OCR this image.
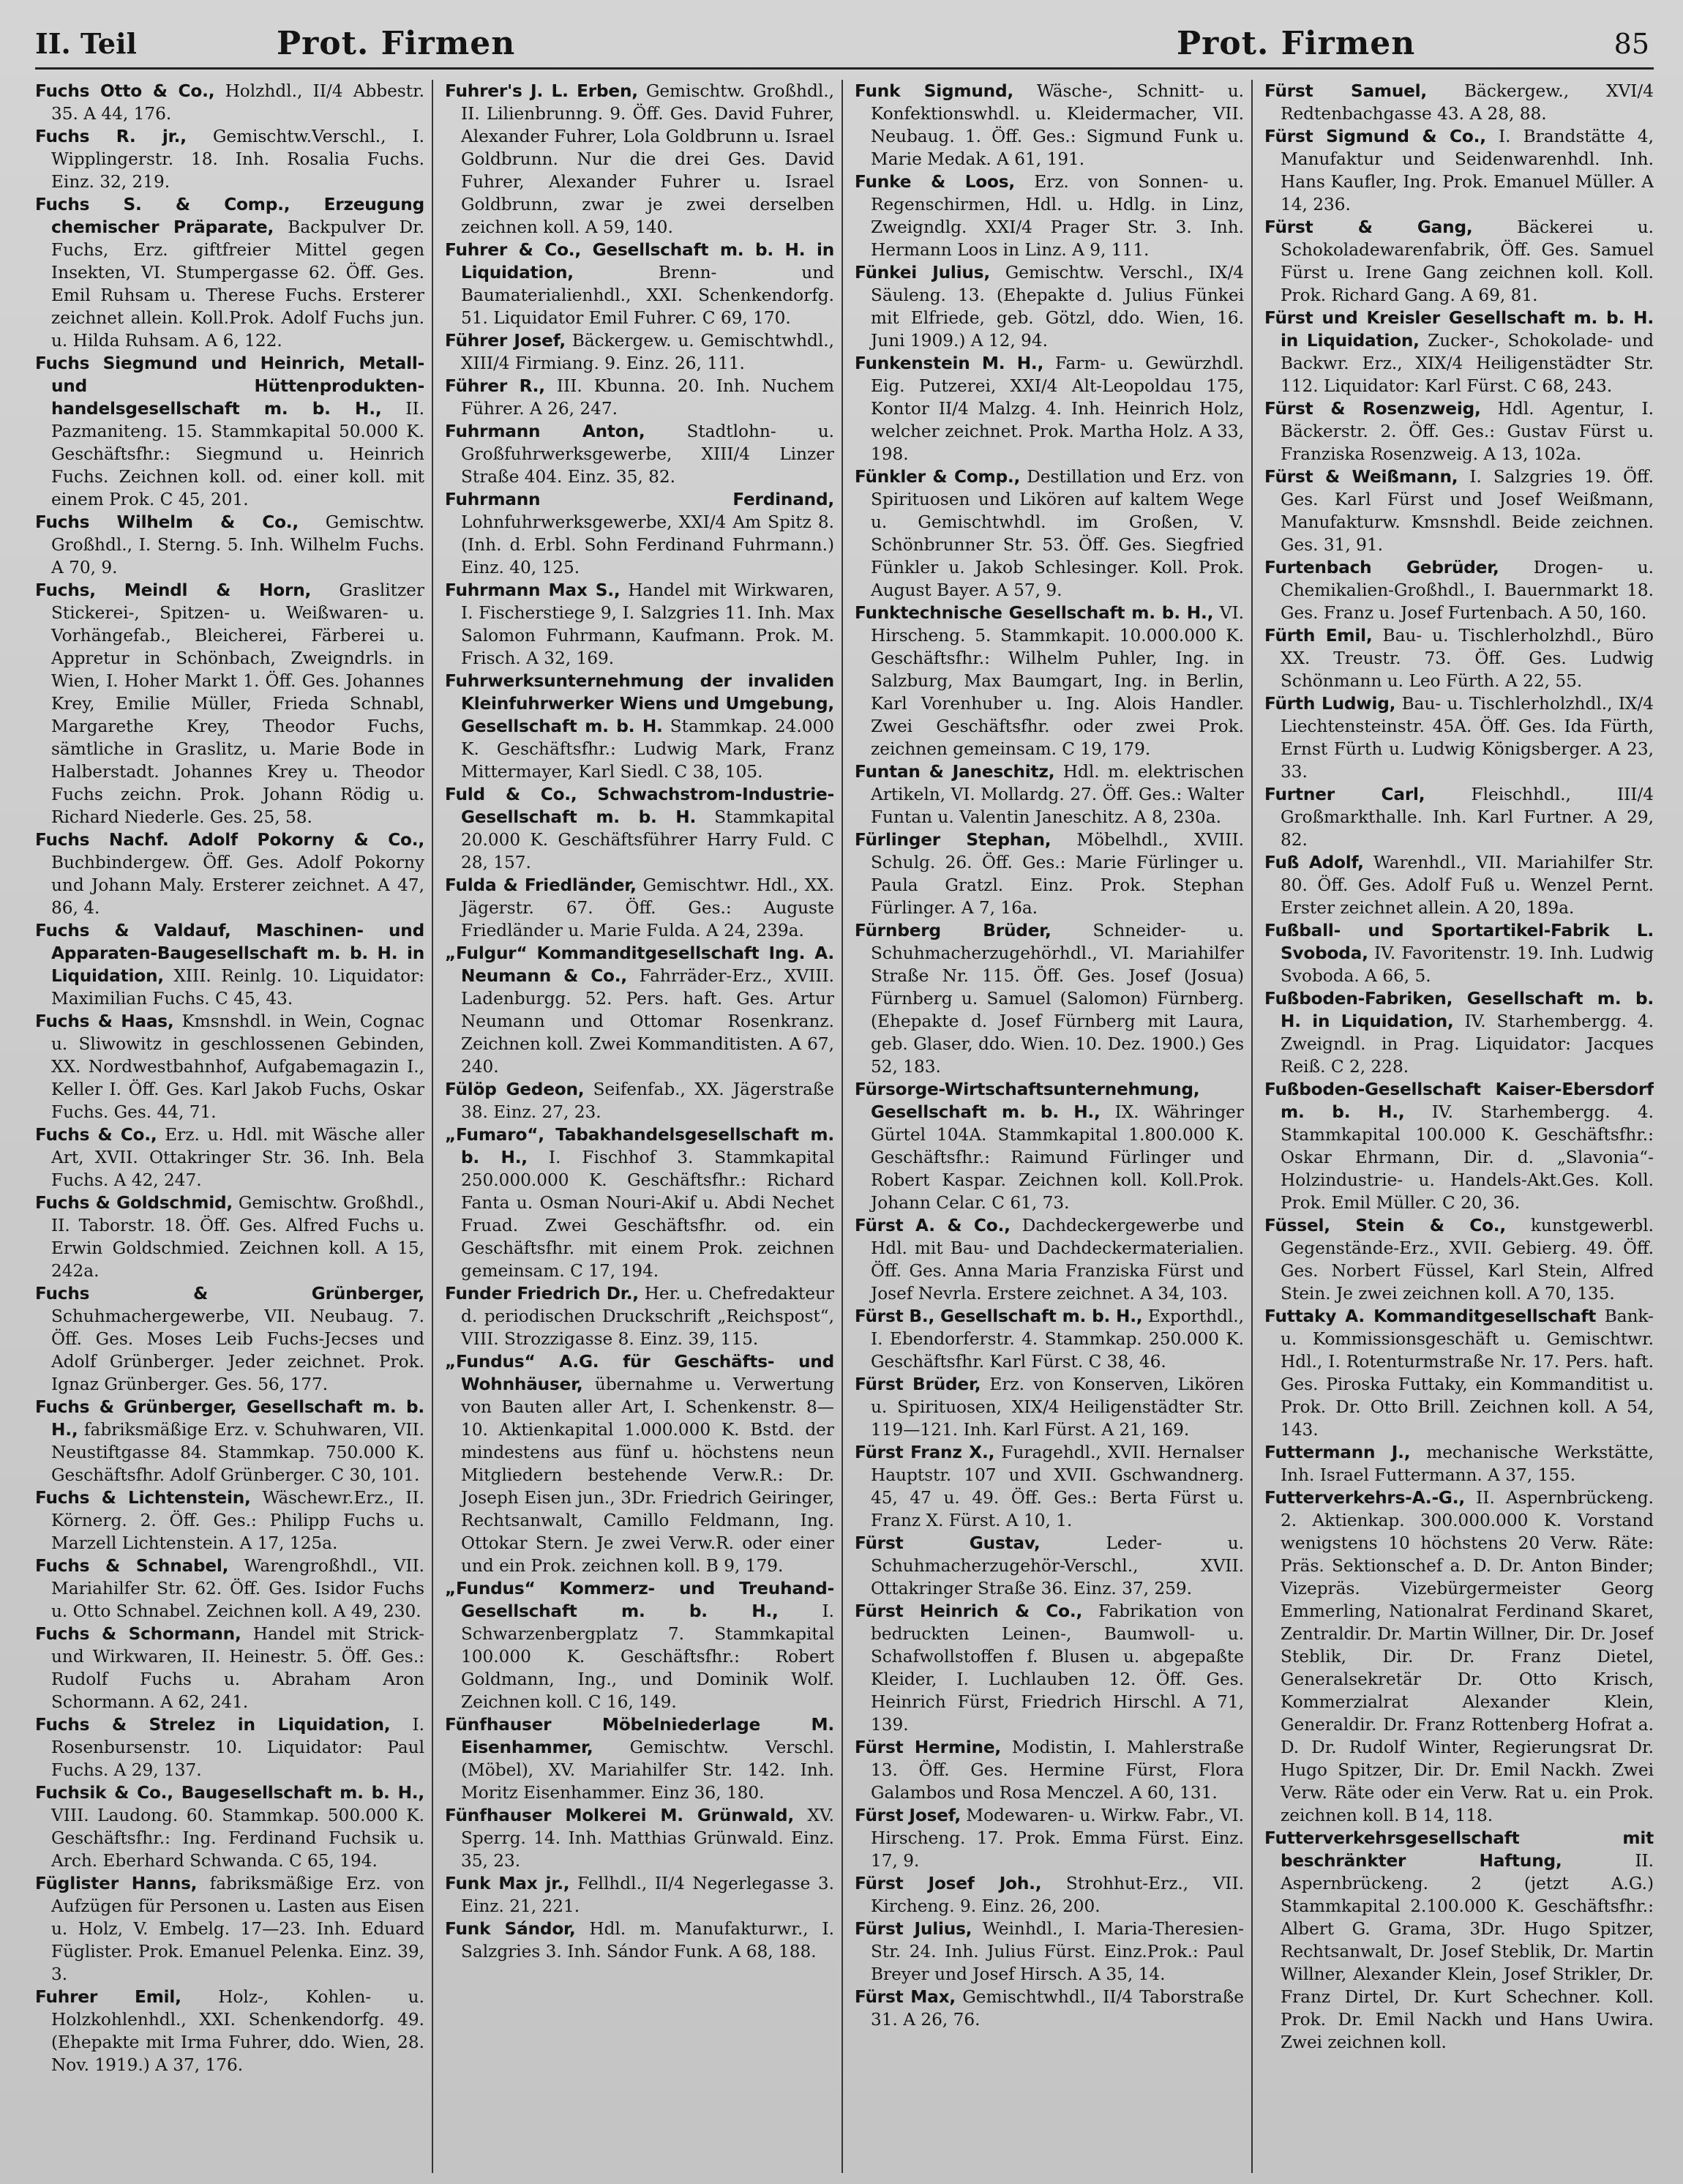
II. Teil	Prot. Firmen	Prot. Firmen	85

Fuchs Otto & Co., Holzhdl., II/4 Abbestr. 35. A 44, 176.

Fuchs R. jr., Gemischtw.Verschl., I. Wipplingerstr. 18. Inh. Rosalia Fuchs. Einz. 32, 219.

Fuchs S. & Comp., Erzeugung chemischer Präparate, Backpulver Dr. Fuchs, Erz. giftfreier Mittel gegen Insekten, VI. Stumpergasse 62. Öff. Ges. Emil Ruhsam u. Therese Fuchs. Ersterer zeichnet allein. Koll.Prok. Adolf Fuchs jun. u. Hilda Ruhsam. A 6, 122.

Fuchs Siegmund und Heinrich, Metall- und Hüttenprodukten-handelsgesellschaft m. b. H., II. Pazmaniteng. 15. Stammkapital 50.000 K. Geschäftsfhr.: Siegmund u. Heinrich Fuchs. Zeichnen koll. od. einer koll. mit einem Prok. C 45, 201.

Fuchs Wilhelm & Co., Gemischtw. Großhdl., I. Sterng. 5. Inh. Wilhelm Fuchs. A 70, 9.

Fuchs, Meindl & Horn, Graslitzer Stickerei-, Spitzen- u. Weißwaren- u. Vorhängefab., Bleicherei, Färberei u. Appretur in Schönbach, Zweigndrls. in Wien, I. Hoher Markt 1. Öff. Ges. Johannes Krey, Emilie Müller, Frieda Schnabl, Margarethe Krey, Theodor Fuchs, sämtliche in Graslitz, u. Marie Bode in Halberstadt. Johannes Krey u. Theodor Fuchs zeichn. Prok. Johann Rödig u. Richard Niederle. Ges. 25, 58.

Fuchs Nachf. Adolf Pokorny & Co., Buchbindergew. Öff. Ges. Adolf Pokorny und Johann Maly. Ersterer zeichnet. A 47, 86, 4.

Fuchs & Valdauf, Maschinen- und Apparaten-Baugesellschaft m. b. H. in Liquidation, XIII. Reinlg. 10. Liquidator: Maximilian Fuchs. C 45, 43.

Fuchs & Haas, Kmsnshdl. in Wein, Cognac u. Sliwowitz in geschlossenen Gebinden, XX. Nordwestbahnhof, Aufgabemagazin I., Keller I. Öff. Ges. Karl Jakob Fuchs, Oskar Fuchs. Ges. 44, 71.

Fuchs & Co., Erz. u. Hdl. mit Wäsche aller Art, XVII. Ottakringer Str. 36. Inh. Bela Fuchs. A 42, 247.

Fuchs & Goldschmid, Gemischtw. Großhdl., II. Taborstr. 18. Öff. Ges. Alfred Fuchs u. Erwin Goldschmied. Zeichnen koll. A 15, 242a.

Fuchs & Grünberger, Schuhmachergewerbe, VII. Neubaug. 7. Öff. Ges. Moses Leib Fuchs-Jecses und Adolf Grünberger. Jeder zeichnet. Prok. Ignaz Grünberger. Ges. 56, 177.

Fuchs & Grünberger, Gesellschaft m. b. H., fabriksmäßige Erz. v. Schuhwaren, VII. Neustiftgasse 84. Stammkap. 750.000 K. Geschäftsfhr. Adolf Grünberger. C 30, 101.

Fuchs & Lichtenstein, Wäschewr.Erz., II. Körnerg. 2. Öff. Ges.: Philipp Fuchs u. Marzell Lichtenstein. A 17, 125a.

Fuchs & Schnabel, Warengroßhdl., VII. Mariahilfer Str. 62. Öff. Ges. Isidor Fuchs u. Otto Schnabel. Zeichnen koll. A 49, 230.

Fuchs & Schormann, Handel mit Strick- und Wirkwaren, II. Heinestr. 5. Öff. Ges.: Rudolf Fuchs u. Abraham Aron Schormann. A 62, 241.

Fuchs & Strelez in Liquidation, I. Rosenbursenstr. 10. Liquidator: Paul Fuchs. A 29, 137.

Fuchsik & Co., Baugesellschaft m. b. H., VIII. Laudong. 60. Stammkap. 500.000 K. Geschäftsfhr.: Ing. Ferdinand Fuchsik u. Arch. Eberhard Schwanda. C 65, 194.

Füglister Hanns, fabriksmäßige Erz. von Aufzügen für Personen u. Lasten aus Eisen u. Holz, V. Embelg. 17—23. Inh. Eduard Füglister. Prok. Emanuel Pelenka. Einz. 39, 3.

Fuhrer Emil, Holz-, Kohlen- u. Holzkohlenhdl., XXI. Schenkendorfg. 49. (Ehepakte mit Irma Fuhrer, ddo. Wien, 28. Nov. 1919.) A 37, 176.

Fuhrer's J. L. Erben, Gemischtw. Großhdl., II. Lilienbrunng. 9. Öff. Ges. David Fuhrer, Alexander Fuhrer, Lola Goldbrunn u. Israel Goldbrunn. Nur die drei Ges. David Fuhrer, Alexander Fuhrer u. Israel Goldbrunn, zwar je zwei derselben zeichnen koll. A 59, 140.

Fuhrer & Co., Gesellschaft m. b. H. in Liquidation,	Brenn- und Baumaterialienhdl., XXI. Schenkendorfg. 51. Liquidator Emil Fuhrer. C 69, 170.

Führer Josef, Bäckergew. u. Gemischtwhdl., XIII/4 Firmiang. 9. Einz. 26, 111.

Führer R., III. Kbunna. 20. Inh. Nuchem Führer. A 26, 247.

Fuhrmann Anton, Stadtlohn- u. Großfuhrwerksgewerbe, XIII/4 Linzer Straße 404. Einz. 35, 82.

Fuhrmann Ferdinand, Lohnfuhrwerksgewerbe, XXI/4 Am Spitz 8. (Inh. d. Erbl. Sohn Ferdinand Fuhrmann.) Einz. 40, 125.

Fuhrmann Max S., Handel mit Wirkwaren, I. Fischerstiege 9, I. Salzgries 11. Inh. Max Salomon Fuhrmann, Kaufmann. Prok. M. Frisch. A 32, 169.

Fuhrwerksunternehmung der invaliden Kleinfuhrwerker Wiens und Umgebung, Gesellschaft m. b. H. Stammkap. 24.000 K. Geschäftsfhr.: Ludwig Mark, Franz Mittermayer, Karl Siedl. C 38, 105.

Fuld & Co., Schwachstrom-Industrie-Gesellschaft m. b. H. Stammkapital 20.000 K. Geschäftsführer Harry Fuld. C 28, 157.

Fulda & Friedländer, Gemischtwr. Hdl., XX. Jägerstr. 67. Öff. Ges.: Auguste Friedländer u. Marie Fulda. A 24, 239a.

„Fulgur“ Kommanditgesellschaft Ing. A. Neumann & Co., Fahrräder-Erz., XVIII. Ladenburgg. 52. Pers. haft. Ges. Artur Neumann und Ottomar Rosenkranz. Zeichnen koll. Zwei Kommanditisten. A 67, 240.

Fülöp Gedeon, Seifenfab., XX. Jägerstraße 38. Einz. 27, 23.

„Fumaro“, Tabakhandelsgesellschaft m. b. H., I. Fischhof 3. Stammkapital 250.000.000 K. Geschäftsfhr.: Richard Fanta u. Osman Nouri-Akif u. Abdi Nechet Fruad. Zwei Geschäftsfhr. od. ein Geschäftsfhr. mit einem Prok. zeichnen gemeinsam. C 17, 194.

Funder Friedrich Dr., Her. u. Chefredakteur d. periodischen Druckschrift „Reichspost“, VIII. Strozzigasse 8. Einz. 39, 115.

„Fundus“ A.G. für Geschäfts- und Wohnhäuser, übernahme u. Verwertung von Bauten aller Art, I. Schenkenstr. 8—10. Aktienkapital 1.000.000 K. Bstd. der mindestens aus fünf u. höchstens neun Mitgliedern bestehende Verw.R.: Dr. Joseph Eisen jun., 3Dr. Friedrich Geiringer, Rechtsanwalt, Camillo Feldmann, Ing. Ottokar Stern. Je zwei Verw.R. oder einer und ein Prok. zeichnen koll. B 9, 179.

„Fundus“ Kommerz- und Treuhand-Gesellschaft m. b. H.,	I. Schwarzenbergplatz 7. Stammkapital 100.000 K. Geschäftsfhr.: Robert Goldmann, Ing., und Dominik Wolf. Zeichnen koll. C 16, 149.

Fünfhauser Möbelniederlage M. Eisenhammer, Gemischtw. Verschl. (Möbel), XV. Mariahilfer Str. 142. Inh. Moritz Eisenhammer. Einz 36, 180.

Fünfhauser Molkerei M. Grünwald, XV. Sperrg. 14. Inh. Matthias Grünwald. Einz. 35, 23.

Funk Max jr., Fellhdl., II/4 Negerlegasse 3. Einz. 21, 221.

Funk Sándor, Hdl. m. Manufakturwr., I. Salzgries 3. Inh. Sándor Funk. A 68, 188.

Funk Sigmund, Wäsche-, Schnitt- u. Konfektionswhdl. u. Kleidermacher, VII. Neubaug. 1. Öff. Ges.: Sigmund Funk u. Marie Medak. A 61, 191.

Funke & Loos, Erz. von Sonnen- u. Regenschirmen, Hdl. u. Hdlg. in Linz, Zweigndlg. XXI/4 Prager Str. 3. Inh. Hermann Loos in Linz. A 9, 111.

Fünkei Julius, Gemischtw. Verschl., IX/4 Säuleng. 13. (Ehepakte d. Julius Fünkei mit Elfriede, geb. Götzl, ddo. Wien, 16. Juni 1909.) A 12, 94.

Funkenstein M. H., Farm- u. Gewürzhdl. Eig. Putzerei, XXI/4 Alt-Leopoldau 175, Kontor II/4 Malzg. 4. Inh. Heinrich Holz, welcher zeichnet. Prok. Martha Holz. A 33, 198.

Fünkler & Comp., Destillation und Erz. von Spirituosen und Likören auf kaltem Wege u. Gemischtwhdl. im Großen, V. Schönbrunner Str. 53. Öff. Ges. Siegfried Fünkler u. Jakob Schlesinger. Koll. Prok. August Bayer. A 57, 9.

Funktechnische Gesellschaft m. b. H., VI. Hirscheng. 5. Stammkapit. 10.000.000 K. Geschäftsfhr.: Wilhelm Puhler, Ing. in Salzburg, Max Baumgart, Ing. in Berlin, Karl Vorenhuber u. Ing. Alois Handler. Zwei Geschäftsfhr. oder zwei Prok. zeichnen gemeinsam. C 19, 179.

Funtan & Janeschitz, Hdl. m. elektrischen Artikeln, VI. Mollardg. 27. Öff. Ges.: Walter Funtan u. Valentin Janeschitz. A 8, 230a.

Fürlinger Stephan, Möbelhdl., XVIII. Schulg. 26. Öff. Ges.: Marie Fürlinger u. Paula Gratzl. Einz. Prok. Stephan Fürlinger. A 7, 16a.

Fürnberg Brüder, Schneider- u. Schuhmacherzugehörhdl., VI. Mariahilfer Straße Nr. 115. Öff. Ges. Josef (Josua) Fürnberg u. Samuel (Salomon) Fürnberg. (Ehepakte d. Josef Fürnberg mit Laura, geb. Glaser, ddo. Wien. 10. Dez. 1900.) Ges 52, 183.

Fürsorge-Wirtschaftsunternehmung, Gesellschaft m. b. H., IX. Währinger Gürtel 104A. Stammkapital 1.800.000 K. Geschäftsfhr.: Raimund Fürlinger und Robert Kaspar. Zeichnen koll. Koll.Prok. Johann Celar. C 61, 73.

Fürst A. & Co., Dachdeckergewerbe und Hdl. mit Bau- und Dachdeckermaterialien. Öff. Ges. Anna Maria Franziska Fürst und Josef Nevrla. Erstere zeichnet. A 34, 103.

Fürst B., Gesellschaft m. b. H., Exporthdl., I. Ebendorferstr. 4. Stammkap. 250.000 K. Geschäftsfhr. Karl Fürst. C 38, 46.

Fürst Brüder, Erz. von Konserven, Likören u. Spirituosen, XIX/4 Heiligenstädter Str. 119—121. Inh. Karl Fürst. A 21, 169.

Fürst Franz X., Furagehdl., XVII. Hernalser Hauptstr. 107 und XVII. Gschwandnerg. 45, 47 u. 49. Öff. Ges.: Berta Fürst u. Franz X. Fürst. A 10, 1.

Fürst Gustav,	Leder- u. Schuhmacherzugehör-Verschl., XVII. Ottakringer Straße 36. Einz. 37, 259.

Fürst Heinrich & Co., Fabrikation von bedruckten Leinen-, Baumwoll- u. Schafwollstoffen f. Blusen u. abgepaßte Kleider, I. Luchlauben 12. Öff. Ges. Heinrich Fürst, Friedrich Hirschl. A 71, 139.

Fürst Hermine, Modistin, I. Mahlerstraße 13. Öff. Ges. Hermine Fürst, Flora Galambos und Rosa Menczel. A 60, 131.

Fürst Josef, Modewaren- u. Wirkw. Fabr., VI. Hirscheng. 17. Prok. Emma Fürst. Einz. 17, 9.

Fürst Josef Joh., Strohhut-Erz., VII. Kircheng. 9. Einz. 26, 200.

Fürst Julius, Weinhdl., I. Maria-Theresien-Str. 24. Inh. Julius Fürst. Einz.Prok.: Paul Breyer und Josef Hirsch. A 35, 14.

Fürst Max, Gemischtwhdl., II/4 Taborstraße 31. A 26, 76.

Fürst Samuel, Bäckergew., XVI/4 Redtenbachgasse 43. A 28, 88.

Fürst Sigmund & Co., I. Brandstätte 4, Manufaktur und Seidenwarenhdl. Inh. Hans Kaufler, Ing. Prok. Emanuel Müller. A 14, 236.

Fürst & Gang,	Bäckerei u. Schokoladewarenfabrik, Öff. Ges. Samuel Fürst u. Irene Gang zeichnen koll. Koll. Prok. Richard Gang. A 69, 81.

Fürst und Kreisler Gesellschaft m. b. H. in Liquidation, Zucker-, Schokolade- und Backwr. Erz., XIX/4 Heiligenstädter Str. 112. Liquidator: Karl Fürst. C 68, 243.

Fürst & Rosenzweig, Hdl. Agentur, I. Bäckerstr. 2. Öff. Ges.: Gustav Fürst u. Franziska Rosenzweig. A 13, 102a.

Fürst & Weißmann, I. Salzgries 19. Öff. Ges. Karl Fürst und Josef Weißmann, Manufakturw. Kmsnshdl. Beide zeichnen. Ges. 31, 91.

Furtenbach Gebrüder, Drogen- u. Chemikalien-Großhdl., I. Bauernmarkt 18. Ges. Franz u. Josef Furtenbach. A 50, 160.

Fürth Emil, Bau- u. Tischlerholzhdl., Büro XX. Treustr. 73. Öff. Ges. Ludwig Schönmann u. Leo Fürth. A 22, 55.

Fürth Ludwig, Bau- u. Tischlerholzhdl., IX/4 Liechtensteinstr. 45A. Öff. Ges. Ida Fürth, Ernst Fürth u. Ludwig Königsberger. A 23, 33.

Furtner Carl,	Fleischhdl., III/4 Großmarkthalle. Inh. Karl Furtner. A 29, 82.

Fuß Adolf, Warenhdl., VII. Mariahilfer Str. 80. Öff. Ges. Adolf Fuß u. Wenzel Pernt. Erster zeichnet allein. A 20, 189a.

Fußball- und Sportartikel-Fabrik L. Svoboda, IV. Favoritenstr. 19. Inh. Ludwig Svoboda. A 66, 5.

Fußboden-Fabriken, Gesellschaft m. b. H. in Liquidation, IV. Starhembergg. 4. Zweigndl. in Prag. Liquidator: Jacques Reiß. C 2, 228.

Fußboden-Gesellschaft Kaiser-Ebersdorf m. b. H., IV. Starhembergg. 4. Stammkapital 100.000 K. Geschäftsfhr.: Oskar Ehrmann, Dir. d. „Slavonia“-Holzindustrie- u. Handels-Akt.Ges. Koll. Prok. Emil Müller. C 20, 36.

Füssel, Stein & Co., kunstgewerbl. Gegenstände-Erz., XVII. Gebierg. 49. Öff. Ges. Norbert Füssel, Karl Stein, Alfred Stein. Je zwei zeichnen koll. A 70, 135.

Futtaky A. Kommanditgesellschaft Bank- u. Kommissionsgeschäft u. Gemischtwr. Hdl., I. Rotenturmstraße Nr. 17. Pers. haft. Ges. Piroska Futtaky, ein Kommanditist u. Prok. Dr. Otto Brill. Zeichnen koll. A 54, 143.

Futtermann J., mechanische Werkstätte, Inh. Israel Futtermann. A 37, 155.

Futterverkehrs-A.-G., II. Aspernbrückeng. 2. Aktienkap. 300.000.000 K. Vorstand wenigstens 10 höchstens 20 Verw. Räte: Präs. Sektionschef a. D. Dr. Anton Binder; Vizepräs. Vizebürgermeister Georg Emmerling, Nationalrat Ferdinand Skaret, Zentraldir. Dr. Martin Willner, Dir. Dr. Josef Steblik, Dir. Dr. Franz Dietel, Generalsekretär Dr. Otto Krisch, Kommerzialrat Alexander Klein, Generaldir. Dr. Franz Rottenberg Hofrat a. D. Dr. Rudolf Winter, Regierungsrat Dr. Hugo Spitzer, Dir. Dr. Emil Nackh. Zwei Verw. Räte oder ein Verw. Rat u. ein Prok. zeichnen koll. B 14, 118.

Futterverkehrsgesellschaft mit beschränkter Haftung,	II. Aspernbrückeng. 2 (jetzt A.G.) Stammkapital 2.100.000 K. Geschäftsfhr.: Albert G. Grama, 3Dr. Hugo Spitzer, Rechtsanwalt, Dr. Josef Steblik, Dr. Martin Willner, Alexander Klein, Josef Strikler, Dr. Franz Dirtel, Dr. Kurt Schechner. Koll. Prok. Dr. Emil Nackh und Hans Uwira. Zwei zeichnen koll.
